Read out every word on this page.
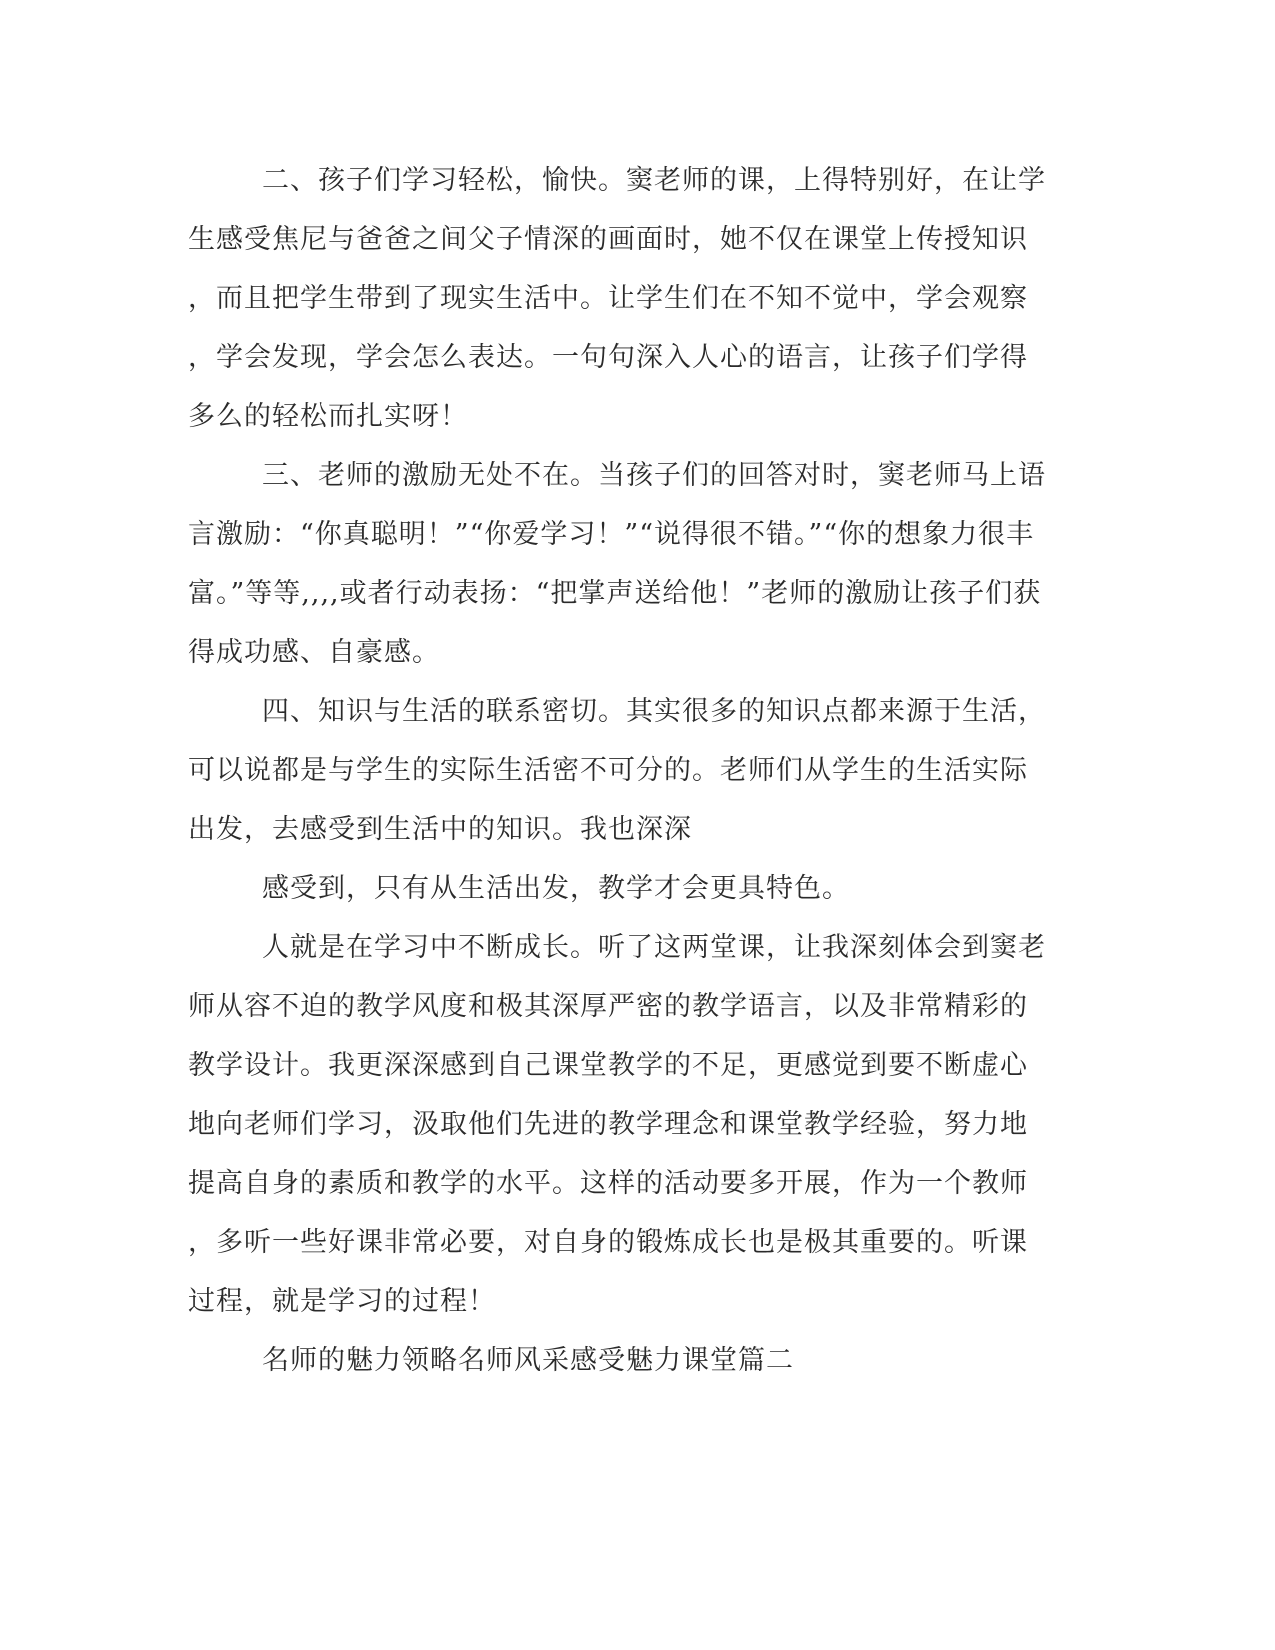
二、孩子们学习轻松，愉快。窦老师的课，上得特别好，在让学
生感受焦尼与爸爸之间父子情深的画面时，她不仅在课堂上传授知识
，而且把学生带到了现实生活中。让学生们在不知不觉中，学会观察
，学会发现，学会怎么表达。一句句深入人心的语言，让孩子们学得
多么的轻松而扎实呀！
三、老师的激励无处不在。当孩子们的回答对时，窦老师马上语
言激励：“你真聪明！”“你爱学习！”“说得很不错。”“你的想象力很丰
富。”等等,,,,或者行动表扬：“把掌声送给他！”老师的激励让孩子们获
得成功感、自豪感。
四、知识与生活的联系密切。其实很多的知识点都来源于生活，
可以说都是与学生的实际生活密不可分的。老师们从学生的生活实际
出发，去感受到生活中的知识。我也深深
感受到，只有从生活出发，教学才会更具特色。
人就是在学习中不断成长。听了这两堂课，让我深刻体会到窦老
师从容不迫的教学风度和极其深厚严密的教学语言，以及非常精彩的
教学设计。我更深深感到自己课堂教学的不足，更感觉到要不断虚心
地向老师们学习，汲取他们先进的教学理念和课堂教学经验，努力地
提高自身的素质和教学的水平。这样的活动要多开展，作为一个教师
，多听一些好课非常必要，对自身的锻炼成长也是极其重要的。听课
过程，就是学习的过程！
名师的魅力领略名师风采感受魅力课堂篇二
